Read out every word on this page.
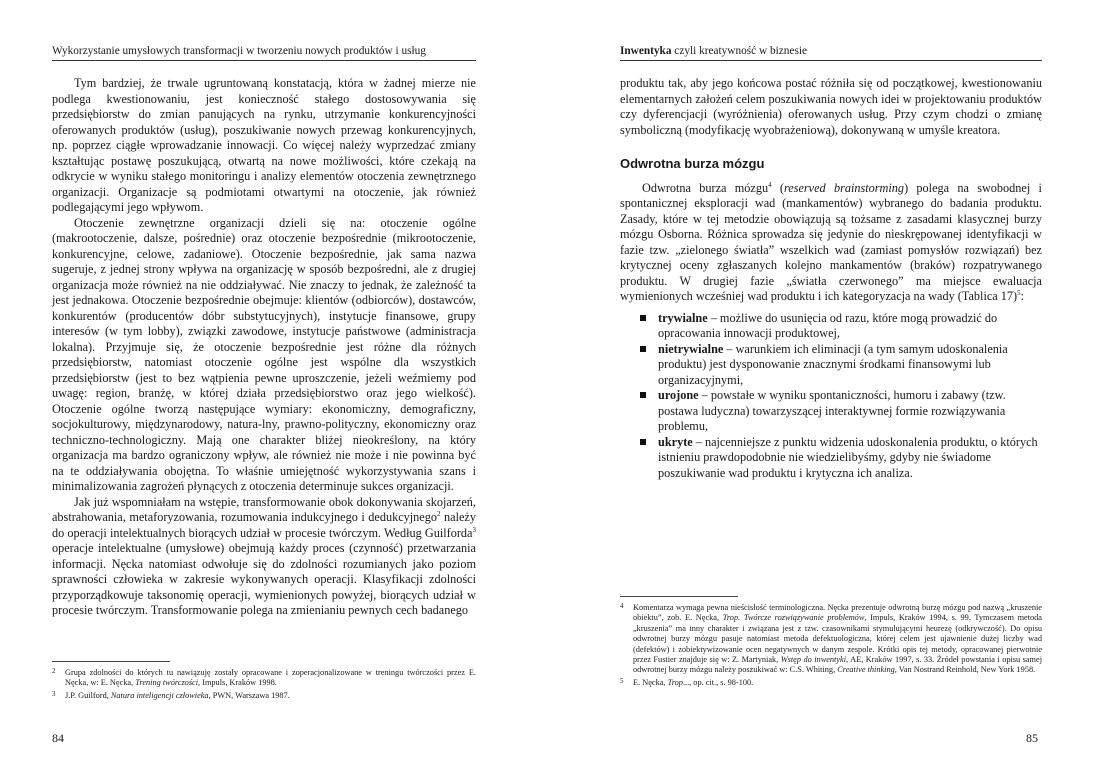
Wykorzystanie umysłowych transformacji w tworzeniu nowych produktów i usług

Tym bardziej, że trwale ugruntowaną konstatacją, która w żadnej mierze nie podlega kwestionowaniu, jest konieczność stałego dostosowywania się przedsiębiorstw do zmian panujących na rynku, utrzymanie konkurencyjności oferowanych produktów (usług), poszukiwanie nowych przewag konkurencyjnych, np. poprzez ciągłe wprowadzanie innowacji. Co więcej należy wyprzedzać zmiany kształtując postawę poszukującą, otwartą na nowe możliwości, które czekają na odkrycie w wyniku stałego monitoringu i analizy elementów otoczenia zewnętrznego organizacji. Organizacje są podmiotami otwartymi na otoczenie, jak również podlegającymi jego wpływom.

Otoczenie zewnętrzne organizacji dzieli się na: otoczenie ogólne (makrootoczenie, dalsze, pośrednie) oraz otoczenie bezpośrednie (mikrootoczenie, konkurencyjne, celowe, zadaniowe). Otoczenie bezpośrednie, jak sama nazwa sugeruje, z jednej strony wpływa na organizację w sposób bezpośredni, ale z drugiej organizacja może również na nie oddziaływać. Nie znaczy to jednak, że zależność ta jest jednakowa. Otoczenie bezpośrednie obejmuje: klientów (odbiorców), dostawców, konkurentów (producentów dóbr substytucyjnych), instytucje finansowe, grupy interesów (w tym lobby), związki zawodowe, instytucje państwowe (administracja lokalna). Przyjmuje się, że otoczenie bezpośrednie jest różne dla różnych przedsiębiorstw, natomiast otoczenie ogólne jest wspólne dla wszystkich przedsiębiorstw (jest to bez wątpienia pewne uproszczenie, jeżeli weźmiemy pod uwagę: region, branżę, w której działa przedsiębiorstwo oraz jego wielkość). Otoczenie ogólne tworzą następujące wymiary: ekonomiczny, demograficzny, socjokulturowy, międzynarodowy, natura-lny, prawno-polityczny, ekonomiczny oraz techniczno-technologiczny. Mają one charakter bliżej nieokreślony, na który organizacja ma bardzo ograniczony wpływ, ale również nie może i nie powinna być na te oddziaływania obojętna. To właśnie umiejętność wykorzystywania szans i minimalizowania zagrożeń płynących z otoczenia determinuje sukces organizacji.

Jak już wspomniałam na wstępie, transformowanie obok dokonywania skojarzeń, abstrahowania, metaforyzowania, rozumowania indukcyjnego i dedukcyjnego$^2$ należy do operacji intelektualnych biorących udział w procesie twórczym. Według Guilforda$^3$ operacje intelektualne (umysłowe) obejmują każdy proces (czynność) przetwarzania informacji. Nęcka natomiast odwołuje się do zdolności rozumianych jako poziom sprawności człowieka w zakresie wykonywanych operacji. Klasyfikacji zdolności przyporządkowuje taksonomię operacji, wymienionych powyżej, biorących udział w procesie twórczym. Transformowanie polega na zmienianiu pewnych cech badanego

2 Grupa zdolności do których tu nawiązuję zostały opracowane i zoperacjonalizowane w treningu twórczości przez E. Nęcka, w: E. Nęcka, Trening twórczości, Impuls, Kraków 1998.
3 J.P. Guilford, Natura inteligencji człowieka, PWN, Warszawa 1987.
84
Inwentyka czyli kreatywność w biznesie

produktu tak, aby jego końcowa postać różniła się od początkowej, kwestionowaniu elementarnych założeń celem poszukiwania nowych idei w projektowaniu produktów czy dyferencjacji (wyróżnienia) oferowanych usług. Przy czym chodzi o zmianę symboliczną (modyfikację wyobrażeniową), dokonywaną w umyśle kreatora.

Odwrotna burza mózgu

Odwrotna burza mózgu$^4$ (reserved brainstorming) polega na swobodnej i spontanicznej eksploracji wad (mankamentów) wybranego do badania produktu. Zasady, które w tej metodzie obowiązują są tożsame z zasadami klasycznej burzy mózgu Osborna. Różnica sprowadza się jedynie do nieskrępowanej identyfikacji w fazie tzw. „zielonego światła” wszelkich wad (zamiast pomysłów rozwiązań) bez krytycznej oceny zgłaszanych kolejno mankamentów (braków) rozpatrywanego produktu. W drugiej fazie „światła czerwonego” ma miejsce ewaluacja wymienionych wcześniej wad produktu i ich kategoryzacja na wady (Tablica 17)$^5$:

trywialne – możliwe do usunięcia od razu, które mogą prowadzić do opracowania innowacji produktowej,
nietrywialne – warunkiem ich eliminacji (a tym samym udoskonalenia produktu) jest dysponowanie znacznymi środkami finansowymi lub organizacyjnymi,
urojone – powstałe w wyniku spontaniczności, humoru i zabawy (tzw. postawa ludyczna) towarzyszącej interaktywnej formie rozwiązywania problemu,
ukryte – najcenniejsze z punktu widzenia udoskonalenia produktu, o których istnieniu prawdopodobnie nie wiedzielibyśmy, gdyby nie świadome poszukiwanie wad produktu i krytyczna ich analiza.
4 Komentarza wymaga pewna nieścisłość terminologiczna. Nęcka prezentuje odwrotną burzę mózgu pod nazwą „kruszenie obiektu”, zob. E. Nęcka, Trop. Twórcze rozwiązywanie problemów, Impuls, Kraków 1994, s. 99. Tymczasem metoda „kruszenia” ma inny charakter i związana jest z tzw. czasownikami stymulującymi heurezę (odkrywczość). Do opisu odwrotnej burzy mózgu pasuje natomiast metoda defektuologiczna, której celem jest ujawnienie dużej liczby wad (defektów) i zobiektywizowanie ocen negatywnych w danym zespole. Krótki opis tej metody, opracowanej pierwotnie przez Fustier znajduje się w: Z. Martyniak, Wstęp do inwentyki, AE, Kraków 1997, s. 33. Źródeł powstania i opisu samej odwrotnej burzy mózgu należy poszukiwać w: C.S. Whiting, Creative thinking, Van Nostrand Reinhold, New York 1958.
5 E. Nęcka, Trop..., op. cit., s. 98-100.
85
